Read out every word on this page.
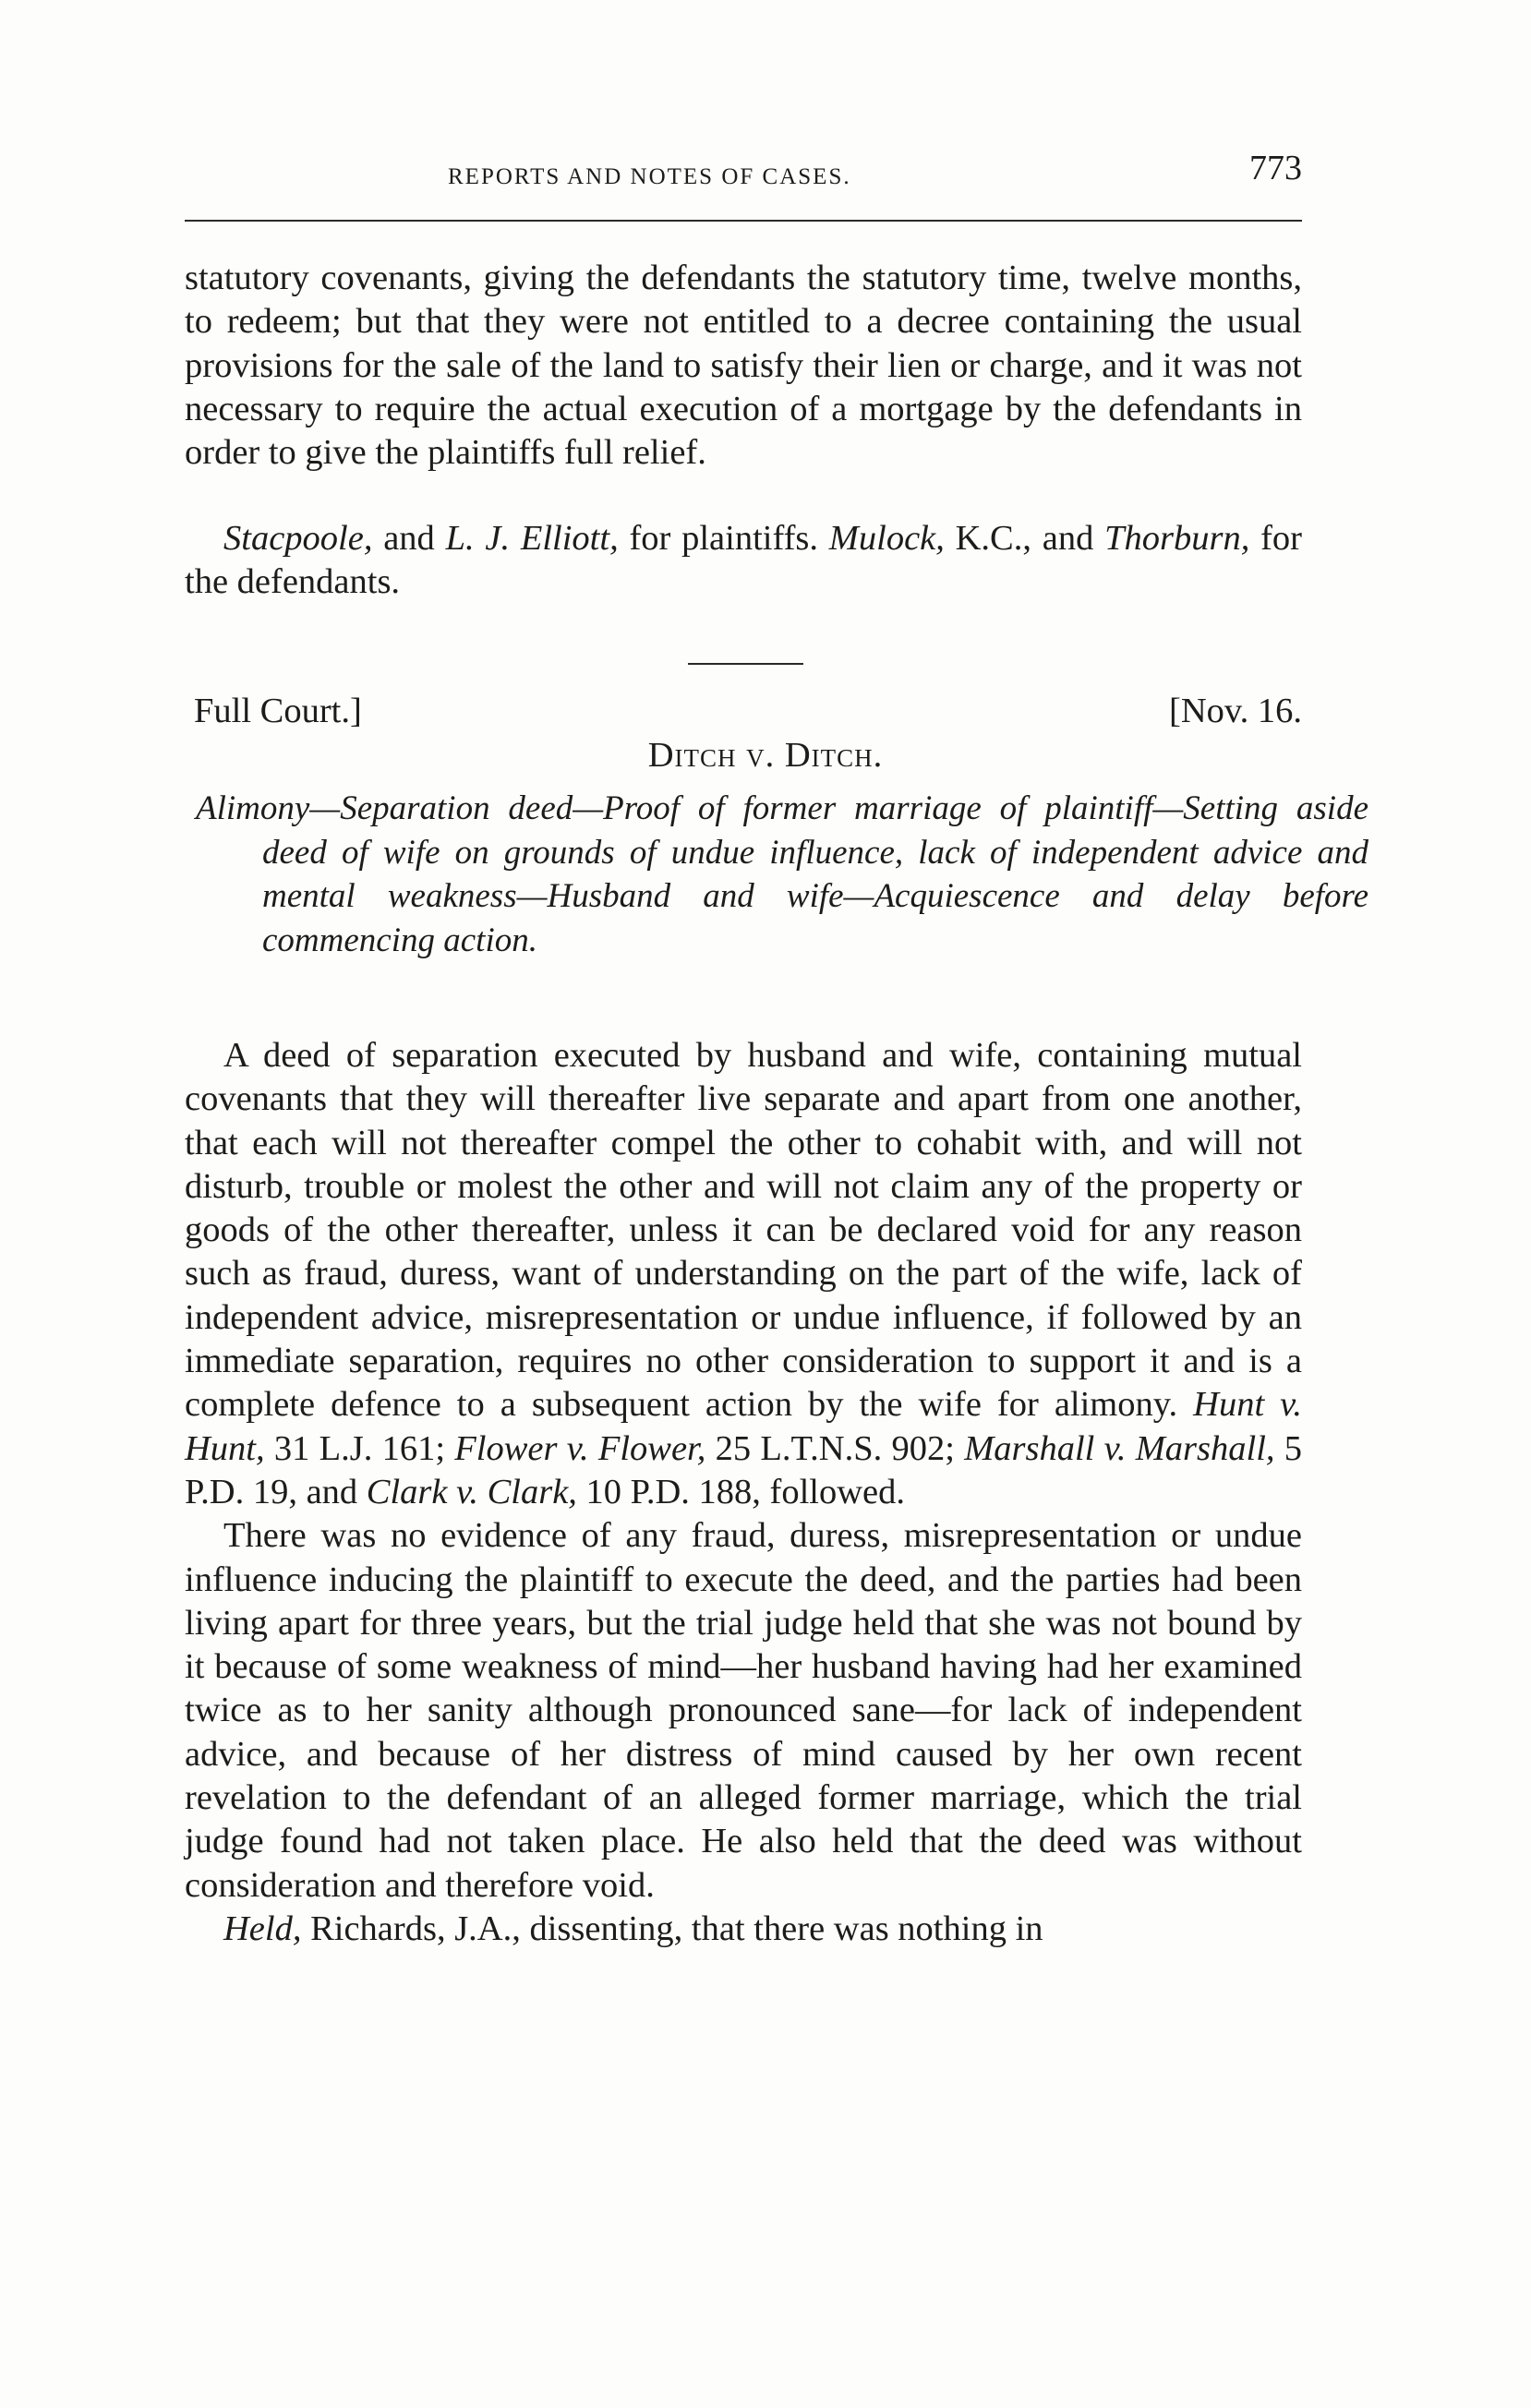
REPORTS AND NOTES OF CASES.	773

statutory covenants, giving the defendants the statutory time, twelve months, to redeem; but that they were not entitled to a decree containing the usual provisions for the sale of the land to satisfy their lien or charge, and it was not necessary to require the actual execution of a mortgage by the defendants in order to give the plaintiffs full relief.

Stacpoole, and L. J. Elliott, for plaintiffs. Mulock, K.C., and Thorburn, for the defendants.

Full Court.]	[Nov. 16.
Ditch v. Ditch.

Alimony—Separation deed—Proof of former marriage of plaintiff—Setting aside deed of wife on grounds of undue influence, lack of independent advice and mental weakness—Husband and wife—Acquiescence and delay before commencing action.

A deed of separation executed by husband and wife, containing mutual covenants that they will thereafter live separate and apart from one another, that each will not thereafter compel the other to cohabit with, and will not disturb, trouble or molest the other and will not claim any of the property or goods of the other thereafter, unless it can be declared void for any reason such as fraud, duress, want of understanding on the part of the wife, lack of independent advice, misrepresentation or undue influence, if followed by an immediate separation, requires no other consideration to support it and is a complete defence to a subsequent action by the wife for alimony. Hunt v. Hunt, 31 L.J. 161; Flower v. Flower, 25 L.T.N.S. 902; Marshall v. Marshall, 5 P.D. 19, and Clark v. Clark, 10 P.D. 188, followed.

There was no evidence of any fraud, duress, misrepresentation or undue influence inducing the plaintiff to execute the deed, and the parties had been living apart for three years, but the trial judge held that she was not bound by it because of some weakness of mind—her husband having had her examined twice as to her sanity although pronounced sane—for lack of independent advice, and because of her distress of mind caused by her own recent revelation to the defendant of an alleged former marriage, which the trial judge found had not taken place. He also held that the deed was without consideration and therefore void.

Held, Richards, J.A., dissenting, that there was nothing in
